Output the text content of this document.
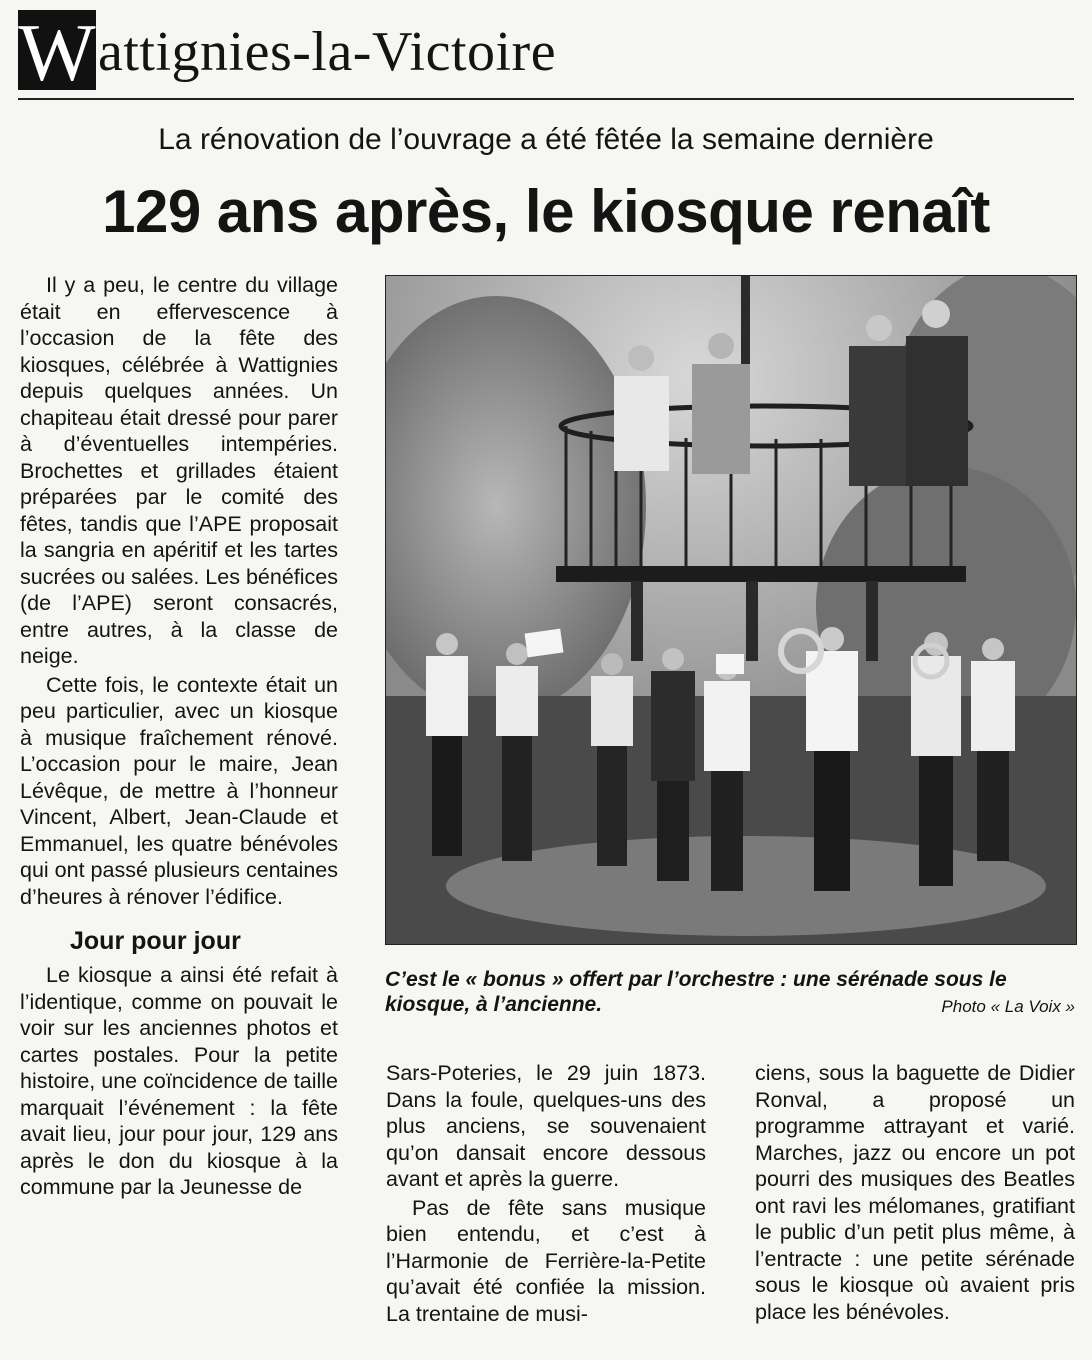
W attignies-la-Victoire
La rénovation de l’ouvrage a été fêtée la semaine dernière
129 ans après, le kiosque renaît

Il y a peu, le centre du village était en effervescence à l’occasion de la fête des kiosques, célébrée à Wattignies depuis quelques années. Un chapiteau était dressé pour parer à d’éventuelles intempéries. Brochettes et grillades étaient préparées par le comité des fêtes, tandis que l’APE proposait la sangria en apéritif et les tartes sucrées ou salées. Les bénéfices (de l’APE) seront consacrés, entre autres, à la classe de neige.

Cette fois, le contexte était un peu particulier, avec un kiosque à musique fraîchement rénové. L’occasion pour le maire, Jean Lévêque, de mettre à l’honneur Vincent, Albert, Jean-Claude et Emmanuel, les quatre bénévoles qui ont passé plusieurs centaines d’heures à rénover l’édifice.

Jour pour jour

Le kiosque a ainsi été refait à l’identique, comme on pouvait le voir sur les anciennes photos et cartes postales. Pour la petite histoire, une coïncidence de taille marquait l’événement : la fête avait lieu, jour pour jour, 129 ans après le don du kiosque à la commune par la Jeunesse de

C’est le « bonus » offert par l’orchestre : une sérénade sous le kiosque, à l’ancienne.	Photo « La Voix »

Sars-Poteries, le 29 juin 1873. Dans la foule, quelques-uns des plus anciens, se souvenaient qu’on dansait encore dessous avant et après la guerre.

Pas de fête sans musique bien entendu, et c’est à l’Harmonie de Ferrière-la-Petite qu’avait été confiée la mission. La trentaine de musi-

ciens, sous la baguette de Didier Ronval, a proposé un programme attrayant et varié. Marches, jazz ou encore un pot pourri des musiques des Beatles ont ravi les mélomanes, gratifiant le public d’un petit plus même, à l’entracte : une petite sérénade sous le kiosque où avaient pris place les bénévoles.
